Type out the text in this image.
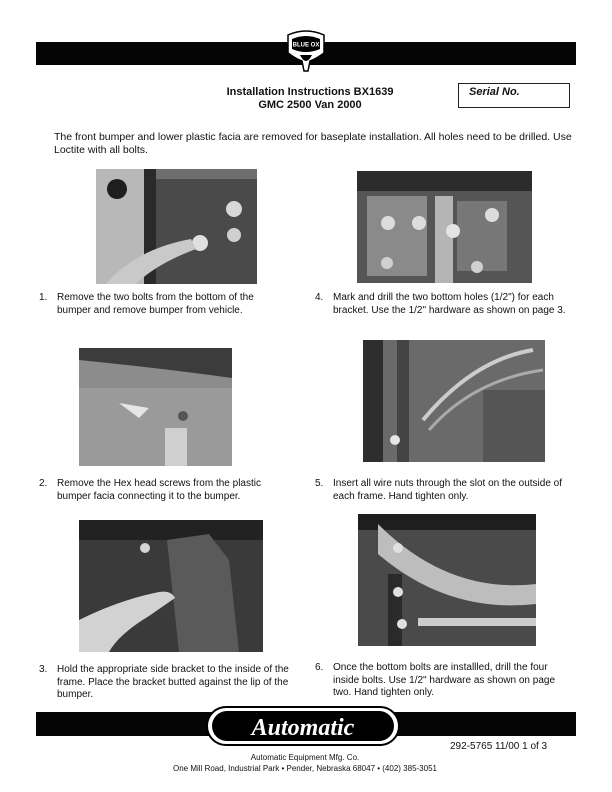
BLUE OX
Installation Instructions BX1639
GMC 2500 Van 2000
Serial No.
The front bumper and lower plastic facia are removed for baseplate installation. All holes need to be drilled. Use Loctite with all bolts.
1. Remove the two bolts from the bottom of the bumper and remove bumper from vehicle.
4. Mark and drill the two bottom holes (1/2") for each bracket. Use the 1/2" hardware as shown on page 3.
2. Remove the Hex head screws from the plastic bumper facia connecting it to the bumper.
5. Insert all wire nuts through the slot on the outside of each frame. Hand tighten only.
3. Hold the appropriate side bracket to the inside of the frame. Place the bracket butted against the lip of the bumper.
6. Once the bottom bolts are installled, drill the four inside bolts. Use 1/2" hardware as shown on page two. Hand tighten only.
Automatic
Automatic Equipment Mfg. Co.
One Mill Road, Industrial Park • Pender, Nebraska 68047 • (402) 385-3051
292-5765 11/00 1 of 3
